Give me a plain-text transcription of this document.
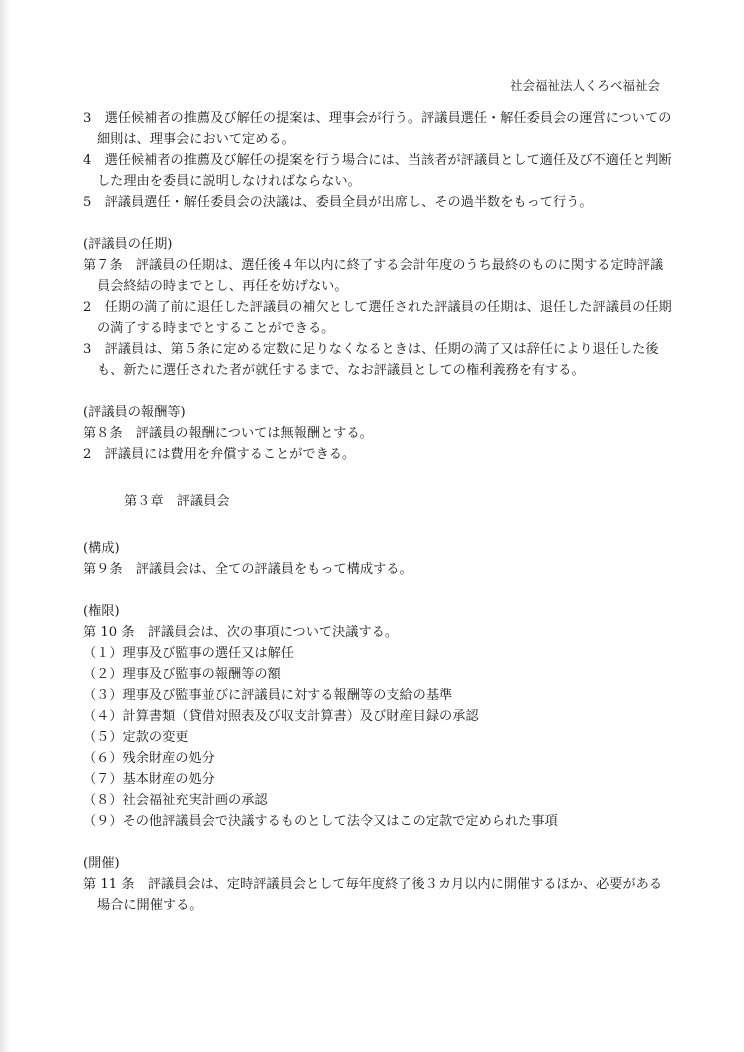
社会福祉法人くろべ福祉会

3　選任候補者の推薦及び解任の提案は、理事会が行う。評議員選任・解任委員会の運営についての細則は、理事会において定める。

4　選任候補者の推薦及び解任の提案を行う場合には、当該者が評議員として適任及び不適任と判断した理由を委員に説明しなければならない。

5　評議員選任・解任委員会の決議は、委員全員が出席し、その過半数をもって行う。

(評議員の任期)

第７条　評議員の任期は、選任後４年以内に終了する会計年度のうち最終のものに関する定時評議員会終結の時までとし、再任を妨げない。

2　任期の満了前に退任した評議員の補欠として選任された評議員の任期は、退任した評議員の任期の満了する時までとすることができる。

3　評議員は、第５条に定める定数に足りなくなるときは、任期の満了又は辞任により退任した後も、新たに選任された者が就任するまで、なお評議員としての権利義務を有する。

(評議員の報酬等)

第８条　評議員の報酬については無報酬とする。

2　評議員には費用を弁償することができる。

第３章　評議員会

(構成)

第９条　評議員会は、全ての評議員をもって構成する。

(権限)

第 10 条　評議員会は、次の事項について決議する。

（１）理事及び監事の選任又は解任

（２）理事及び監事の報酬等の額

（３）理事及び監事並びに評議員に対する報酬等の支給の基準

（４）計算書類（貸借対照表及び収支計算書）及び財産目録の承認

（５）定款の変更

（６）残余財産の処分

（７）基本財産の処分

（８）社会福祉充実計画の承認

（９）その他評議員会で決議するものとして法令又はこの定款で定められた事項

(開催)

第 11 条　評議員会は、定時評議員会として毎年度終了後３カ月以内に開催するほか、必要がある場合に開催する。
